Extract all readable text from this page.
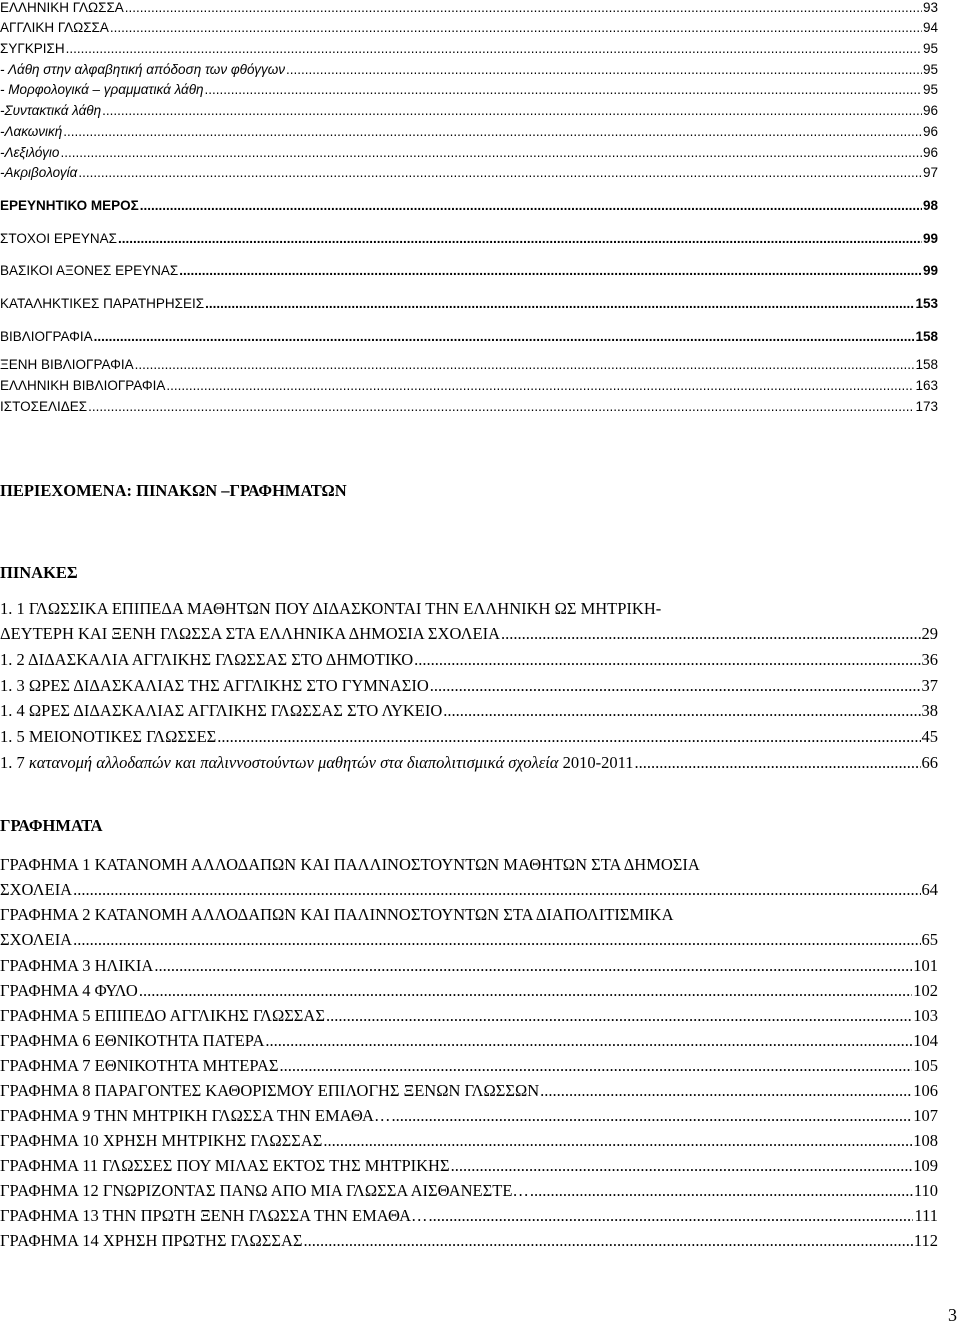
ΕΛΛΗΝΙΚΗ ΓΛΩΣΣΑ .....	93
ΑΓΓΛΙΚΗ ΓΛΩΣΣΑ .....	94
ΣΥΓΚΡΙΣΗ .....	95
- Λάθη στην αλφαβητική απόδοση των φθόγγων .....	95
- Μορφολογικά – γραμματικά λάθη .....	95
-Συντακτικά λάθη .....	96
-Λακωνική .....	96
-Λεξιλόγιο .....	96
-Ακριβολογία .....	97
ΕΡΕΥΝΗΤΙΚΟ ΜΕΡΟΣ .....	98
ΣΤΟΧΟΙ ΕΡΕΥΝΑΣ .....	99
ΒΑΣΙΚΟΙ ΑΞΟΝΕΣ ΕΡΕΥΝΑΣ .....	99
ΚΑΤΑΛΗΚΤΙΚΕΣ ΠΑΡΑΤΗΡΗΣΕΙΣ .....	153
ΒΙΒΛΙΟΓΡΑΦΙΑ .....	158
ΞΕΝΗ ΒΙΒΛΙΟΓΡΑΦΙΑ .....	158
ΕΛΛΗΝΙΚΗ ΒΙΒΛΙΟΓΡΑΦΙΑ .....	163
ΙΣΤΟΣΕΛΙΔΕΣ .....	173
ΠΕΡΙΕΧΟΜΕΝΑ: ΠΙΝΑΚΩΝ –ΓΡΑΦΗΜΑΤΩΝ
ΠΙΝΑΚΕΣ
1. 1 ΓΛΩΣΣΙΚΑ ΕΠΙΠΕΔΑ ΜΑΘΗΤΩΝ ΠΟΥ ΔΙΔΑΣΚΟΝΤΑΙ ΤΗΝ ΕΛΛΗΝΙΚΗ ΩΣ ΜΗΤΡΙΚΗ-
ΔΕΥΤΕΡΗ ΚΑΙ ΞΕΝΗ ΓΛΩΣΣΑ ΣΤΑ ΕΛΛΗΝΙΚΑ ΔΗΜΟΣΙΑ ΣΧΟΛΕΙΑ .....	29
1. 2 ΔΙΔΑΣΚΑΛΙΑ ΑΓΓΛΙΚΗΣ ΓΛΩΣΣΑΣ ΣΤΟ ΔΗΜΟΤΙΚΟ .....	36
1. 3 ΩΡΕΣ ΔΙΔΑΣΚΑΛΙΑΣ ΤΗΣ ΑΓΓΛΙΚΗΣ ΣΤΟ ΓΥΜΝΑΣΙΟ .....	37
1. 4 ΩΡΕΣ ΔΙΔΑΣΚΑΛΙΑΣ ΑΓΓΛΙΚΗΣ ΓΛΩΣΣΑΣ ΣΤΟ ΛΥΚΕΙΟ .....	38
1. 5 ΜΕΙΟΝΟΤΙΚΕΣ ΓΛΩΣΣΕΣ .....	45
1. 7 κατανομή αλλοδαπών και παλιννοστούντων μαθητών στα διαπολιτισμικά σχολεία 2010-2011 .....	66
ΓΡΑΦΗΜΑΤΑ
ΓΡΑΦΗΜΑ 1 ΚΑΤΑΝΟΜΗ ΑΛΛΟΔΑΠΩΝ ΚΑΙ ΠΑΛΛΙΝΟΣΤΟΥΝΤΩΝ ΜΑΘΗΤΩΝ ΣΤΑ ΔΗΜΟΣΙΑ
ΣΧΟΛΕΙΑ .....	64
ΓΡΑΦΗΜΑ 2 ΚΑΤΑΝΟΜΗ ΑΛΛΟΔΑΠΩΝ ΚΑΙ ΠΑΛΙΝΝΟΣΤΟΥΝΤΩΝ ΣΤΑ ΔΙΑΠΟΛΙΤΙΣΜΙΚΑ
ΣΧΟΛΕΙΑ .....	65
ΓΡΑΦΗΜΑ 3 ΗΛΙΚΙΑ .....	101
ΓΡΑΦΗΜΑ 4 ΦΥΛΟ .....	102
ΓΡΑΦΗΜΑ 5 ΕΠΙΠΕΔΟ ΑΓΓΛΙΚΗΣ ΓΛΩΣΣΑΣ .....	103
ΓΡΑΦΗΜΑ 6 ΕΘΝΙΚΟΤΗΤΑ ΠΑΤΕΡΑ .....	104
ΓΡΑΦΗΜΑ 7 ΕΘΝΙΚΟΤΗΤΑ ΜΗΤΕΡΑΣ .....	105
ΓΡΑΦΗΜΑ 8 ΠΑΡΑΓΟΝΤΕΣ ΚΑΘΟΡΙΣΜΟΥ ΕΠΙΛΟΓΗΣ ΞΕΝΩΝ ΓΛΩΣΣΩΝ .....	106
ΓΡΑΦΗΜΑ 9 ΤΗΝ ΜΗΤΡΙΚΗ ΓΛΩΣΣΑ ΤΗΝ ΕΜΑΘΑ… .....	107
ΓΡΑΦΗΜΑ 10 ΧΡΗΣΗ ΜΗΤΡΙΚΗΣ ΓΛΩΣΣΑΣ .....	108
ΓΡΑΦΗΜΑ 11 ΓΛΩΣΣΕΣ ΠΟΥ ΜΙΛΑΣ ΕΚΤΟΣ ΤΗΣ ΜΗΤΡΙΚΗΣ .....	109
ΓΡΑΦΗΜΑ 12 ΓΝΩΡΙΖΟΝΤΑΣ ΠΑΝΩ ΑΠΟ ΜΙΑ ΓΛΩΣΣΑ ΑΙΣΘΑΝΕΣΤΕ… .....	110
ΓΡΑΦΗΜΑ 13 ΤΗΝ ΠΡΩΤΗ ΞΕΝΗ ΓΛΩΣΣΑ ΤΗΝ ΕΜΑΘΑ… .....	111
ΓΡΑΦΗΜΑ 14 ΧΡΗΣΗ ΠΡΩΤΗΣ ΓΛΩΣΣΑΣ .....	112
3
